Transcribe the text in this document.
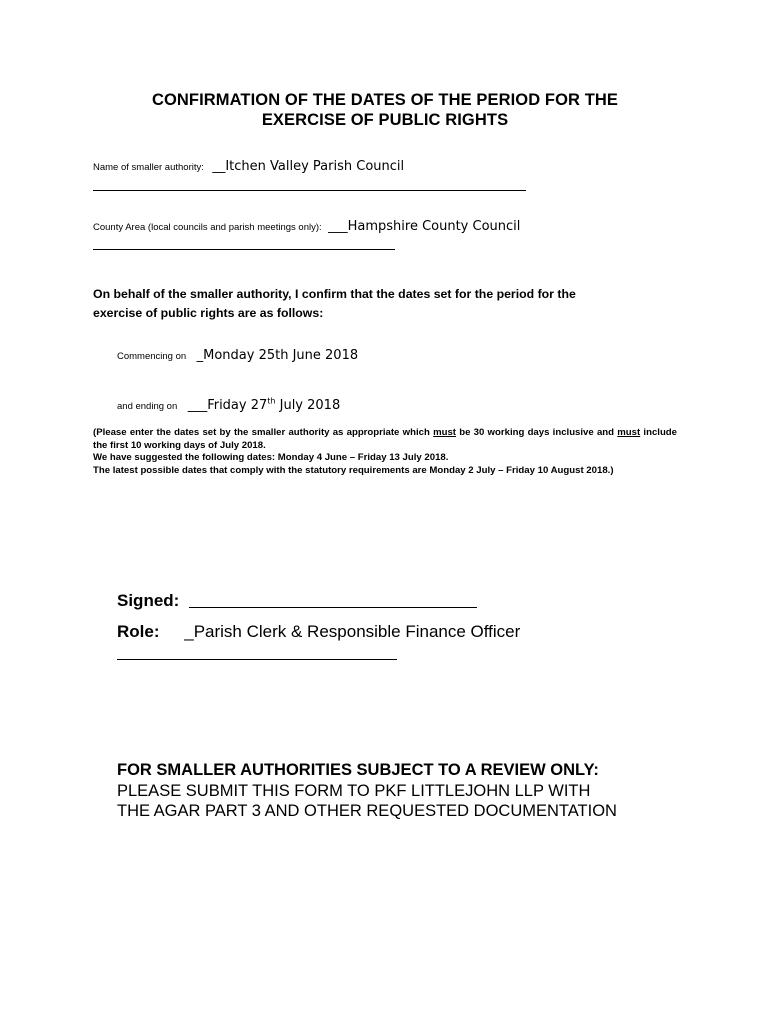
CONFIRMATION OF THE DATES OF THE PERIOD FOR THE
EXERCISE OF PUBLIC RIGHTS
Name of smaller authority: __Itchen Valley Parish Council
County Area (local councils and parish meetings only): ___Hampshire County Council
On behalf of the smaller authority, I confirm that the dates set for the period for the
exercise of public rights are as follows:
Commencing on _Monday 25th June 2018
and ending on ___Friday 27th July 2018

(Please enter the dates set by the smaller authority as appropriate which must be 30 working days inclusive and must include the first 10 working days of July 2018.

We have suggested the following dates: Monday 4 June – Friday 13 July 2018.

The latest possible dates that comply with the statutory requirements are Monday 2 July – Friday 10 August 2018.)

Signed:
Role: _Parish Clerk & Responsible Finance Officer
FOR SMALLER AUTHORITIES SUBJECT TO A REVIEW ONLY:
PLEASE SUBMIT THIS FORM TO PKF LITTLEJOHN LLP WITH
THE AGAR PART 3 AND OTHER REQUESTED DOCUMENTATION
